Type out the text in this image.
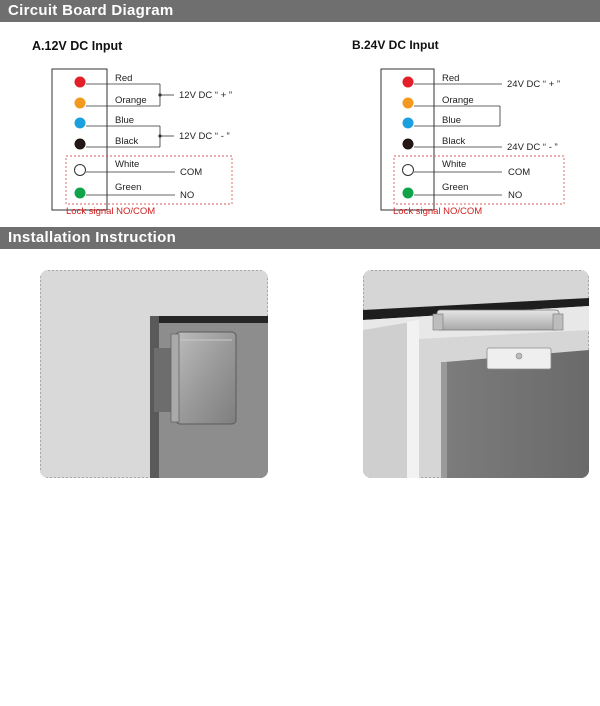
Circuit Board Diagram
A.12V DC Input
Red
Orange
Blue
Black
White
Green
12V DC “ + ”
12V DC “ - ”
COM
NO
Lock signal NO/COM
B.24V DC Input
Red
Orange
Blue
Black
White
Green
24V DC “ + ”
24V DC “ - ”
COM
NO
Lock signal NO/COM
Installation Instruction
